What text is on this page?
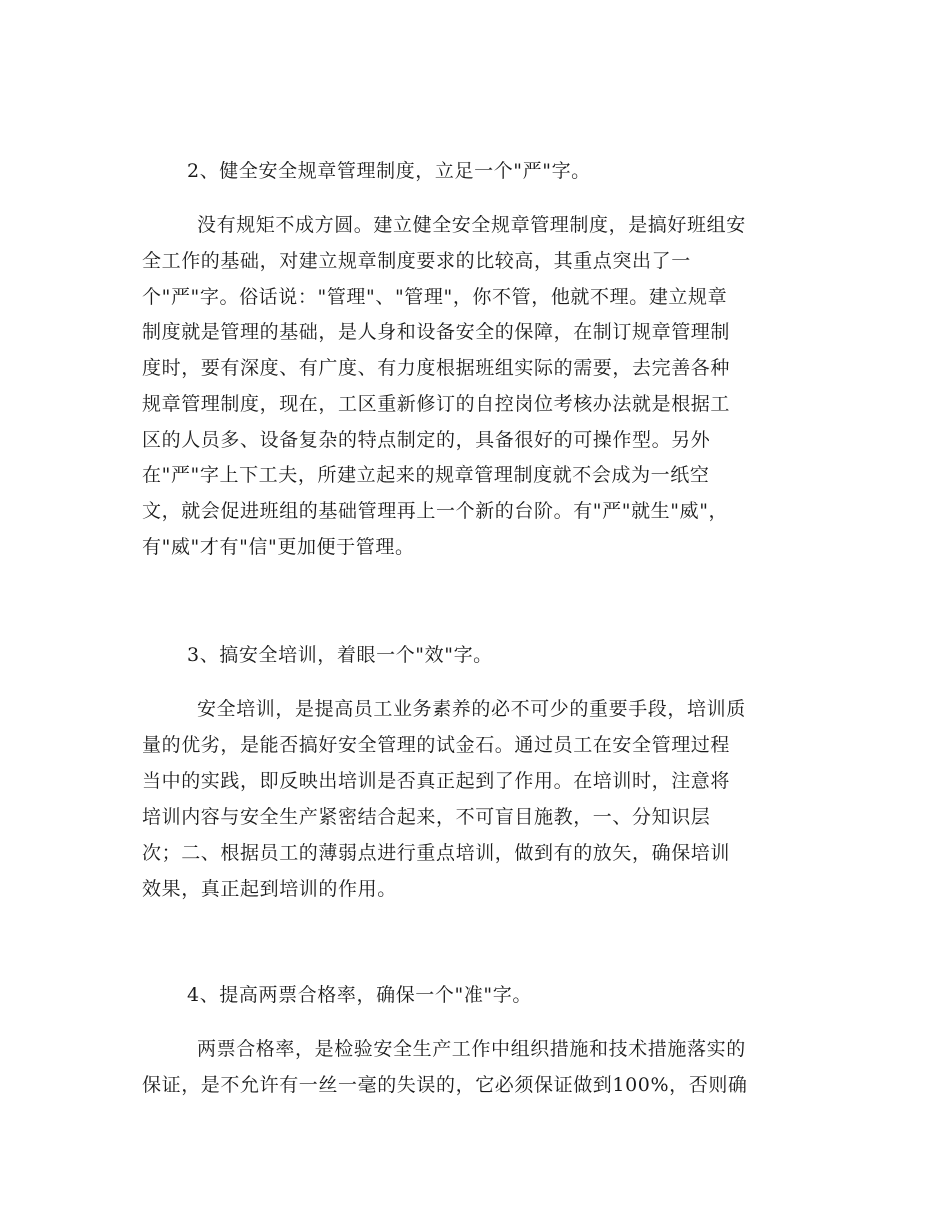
2、健全安全规章管理制度，立足一个"严"字。
没有规矩不成方圆。建立健全安全规章管理制度，是搞好班组安
全工作的基础，对建立规章制度要求的比较高，其重点突出了一
个"严"字。俗话说："管理"、"管理"，你不管，他就不理。建立规章
制度就是管理的基础，是人身和设备安全的保障，在制订规章管理制
度时，要有深度、有广度、有力度根据班组实际的需要，去完善各种
规章管理制度，现在，工区重新修订的自控岗位考核办法就是根据工
区的人员多、设备复杂的特点制定的，具备很好的可操作型。另外
在"严"字上下工夫，所建立起来的规章管理制度就不会成为一纸空
文，就会促进班组的基础管理再上一个新的台阶。有"严"就生"威"，
有"威"才有"信"更加便于管理。
3、搞安全培训，着眼一个"效"字。
安全培训，是提高员工业务素养的必不可少的重要手段，培训质
量的优劣，是能否搞好安全管理的试金石。通过员工在安全管理过程
当中的实践，即反映出培训是否真正起到了作用。在培训时，注意将
培训内容与安全生产紧密结合起来，不可盲目施教，一、分知识层
次；二、根据员工的薄弱点进行重点培训，做到有的放矢，确保培训
效果，真正起到培训的作用。
4、提高两票合格率，确保一个"准"字。
两票合格率，是检验安全生产工作中组织措施和技术措施落实的
保证，是不允许有一丝一毫的失误的，它必须保证做到100%，否则确
